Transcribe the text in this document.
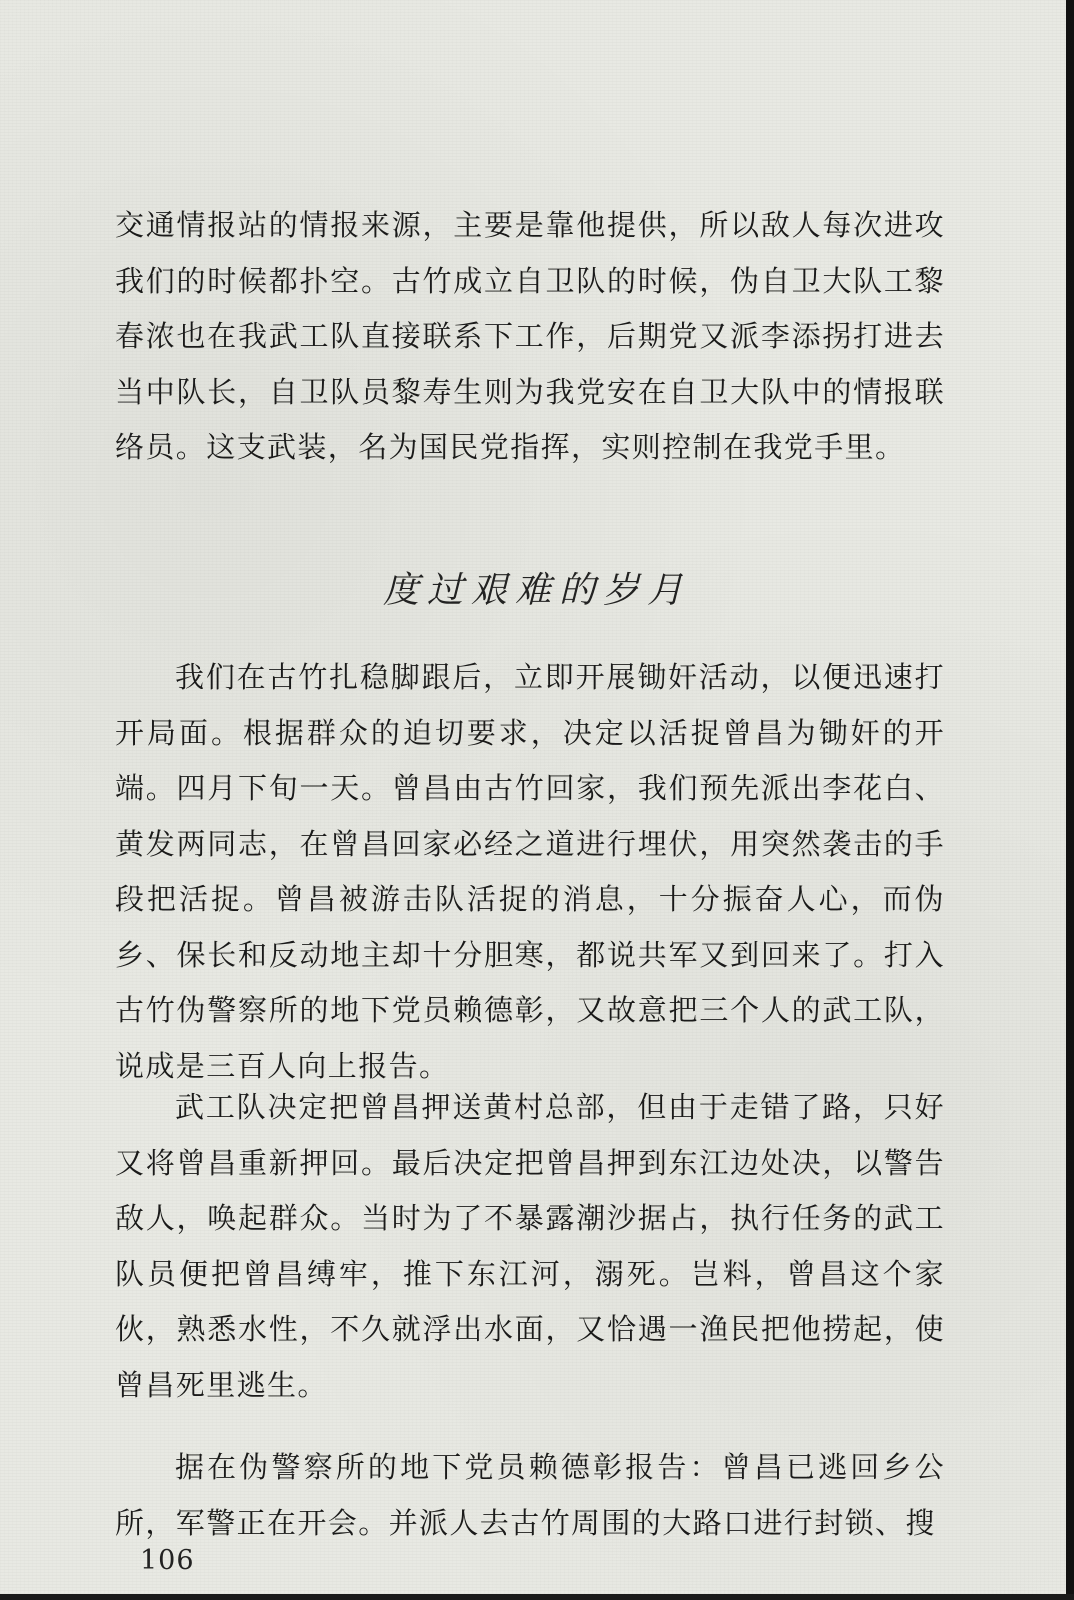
交通情报站的情报来源，主要是靠他提供，所以敌人每次进攻我们的时候都扑空。古竹成立自卫队的时候，伪自卫大队工黎春浓也在我武工队直接联系下工作，后期党又派李添拐打进去当中队长，自卫队员黎寿生则为我党安在自卫大队中的情报联络员。这支武装，名为国民党指挥，实则控制在我党手里。

度过艰难的岁月

我们在古竹扎稳脚跟后，立即开展锄奸活动，以便迅速打开局面。根据群众的迫切要求，决定以活捉曾昌为锄奸的开端。四月下旬一天。曾昌由古竹回家，我们预先派出李花白、黄发两同志，在曾昌回家必经之道进行埋伏，用突然袭击的手段把活捉。曾昌被游击队活捉的消息，十分振奋人心，而伪乡、保长和反动地主却十分胆寒，都说共军又到回来了。打入古竹伪警察所的地下党员赖德彰，又故意把三个人的武工队，说成是三百人向上报告。

武工队决定把曾昌押送黄村总部，但由于走错了路，只好又将曾昌重新押回。最后决定把曾昌押到东江边处决，以警告敌人，唤起群众。当时为了不暴露潮沙据占，执行任务的武工队员便把曾昌缚牢，推下东江河，溺死。岂料，曾昌这个家伙，熟悉水性，不久就浮出水面，又恰遇一渔民把他捞起，使曾昌死里逃生。

据在伪警察所的地下党员赖德彰报告：曾昌已逃回乡公所，军警正在开会。并派人去古竹周围的大路口进行封锁、搜

106
